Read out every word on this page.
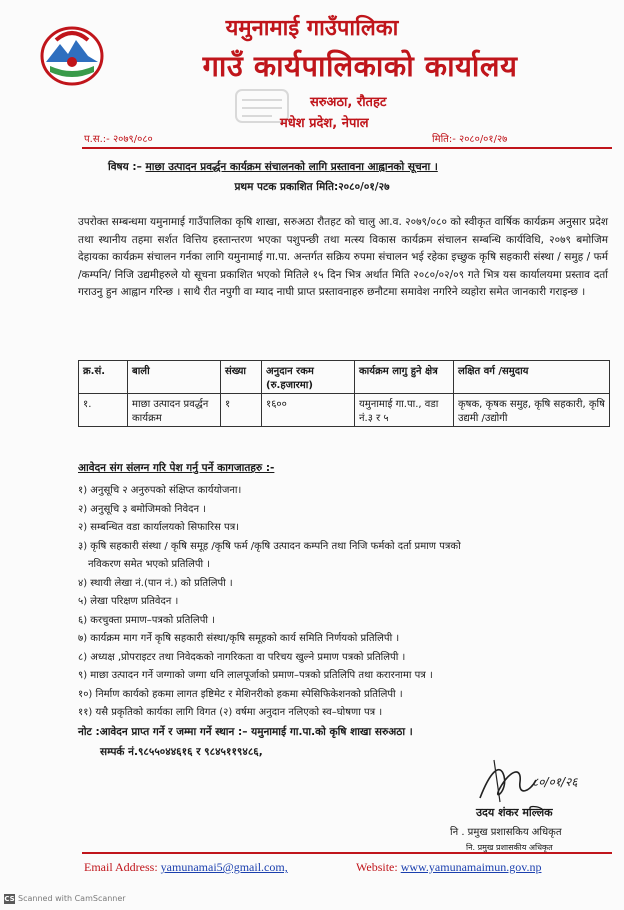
यमुनामाई गाउँपालिका
गाउँ कार्यपालिकाको कार्यालय
सरुअठा, रौतहट
मधेश प्रदेश, नेपाल
प.स.:- २०७९/०८०	मिति:- २०८०/०१/२७
विषय :– माछा उत्पादन प्रवर्द्धन कार्यक्रम संचालनको लागि प्रस्तावना आह्वानको सूचना ।
प्रथम पटक प्रकाशित मिति:२०८०/०१/२७
उपरोक्त सम्बन्धमा यमुनामाई गाउँपालिका कृषि शाखा, सरुअठा रौतहट को चालु आ.व. २०७९/०८० को स्वीकृत वार्षिक कार्यक्रम अनुसार प्रदेश तथा स्थानीय तहमा सर्शत वित्तिय हस्तान्तरण भएका पशुपन्छी तथा मत्स्य विकास कार्यक्रम संचालन सम्बन्धि कार्यविधि, २०७९ बमोजिम देहायका कार्यक्रम संचालन गर्नका लागि यमुनामाई गा.पा. अन्तर्गत सक्रिय रुपमा संचालन भई रहेका इच्छुक कृषि सहकारी संस्था / समुह / फर्म /कम्पनि/ निजि उद्यमीहरुले यो सूचना प्रकाशित भएको मितिले १५ दिन भित्र अर्थात मिति २०८०/०२/०९ गते भित्र यस कार्यालयमा प्रस्ताव दर्ता गराउनु हुन आह्वान गरिन्छ । साथै रीत नपुगी वा म्याद नाघी प्राप्त प्रस्तावनाहरु छनौटमा समावेश नगरिने व्यहोरा समेत जानकारी गराइन्छ ।
क्र.सं.	बाली	संख्या	अनुदान रकम (रु.हजारमा)	कार्यक्रम लागु हुने क्षेत्र	लक्षित वर्ग /समुदाय
१.	माछा उत्पादन प्रवर्द्धन कार्यक्रम	१	१६००	यमुनामाई गा.पा., वडा नं.३ र ५	कृषक, कृषक समुह, कृषि सहकारी, कृषि उद्यमी /उद्योगी
आवेदन संग संलग्न गरि पेश गर्नु पर्ने कागजातहरु :-
१) अनुसूचि २ अनुरुपको संक्षिप्त कार्ययोजना।
२) अनुसूचि ३ बमोजिमको निवेदन ।
२) सम्बन्धित वडा कार्यालयको सिफारिस पत्र।
३) कृषि सहकारी संस्था / कृषि समूह /कृषि फर्म /कृषि उत्पादन कम्पनि तथा निजि फर्मको दर्ता प्रमाण पत्रको
नविकरण समेत भएको प्रतिलिपी ।
४) स्थायी लेखा नं.(पान नं.) को प्रतिलिपी ।
५) लेखा परिक्षण प्रतिवेदन ।
६) करचुक्ता प्रमाण–पत्रको प्रतिलिपी ।
७) कार्यक्रम माग गर्ने कृषि सहकारी संस्था/कृषि समूहको कार्य समिति निर्णयको प्रतिलिपी ।
८) अध्यक्ष ,प्रोपराइटर तथा निवेदकको नागरिकता वा परिचय खुल्ने प्रमाण पत्रको प्रतिलिपी ।
९) माछा उत्पादन गर्ने जग्गाको जग्गा धनि लालपूर्जाको प्रमाण–पत्रको प्रतिलिपि तथा करारनामा पत्र ।
१०) निर्माण कार्यको हकमा लागत इष्टिमेट र मेशिनरीको हकमा स्पेसिफिकेशनको प्रतिलिपी ।
११) यसै प्रकृतिको कार्यका लागि विगत (२) वर्षमा अनुदान नलिएको स्व–घोषणा पत्र ।
नोट :आवेदन प्राप्त गर्ने र जम्मा गर्ने स्थान :– यमुनामाई गा.पा.को कृषि शाखा सरुअठा ।
सम्पर्क नं.९८५५०४४६१६ र ९८४५११९४८६,
८०/०१/२६
उदय शंकर मल्लिक
नि . प्रमुख प्रशासकिय अधिकृत
नि. प्रमुख प्रशासकीय अधिकृत
Email Address: yamunamai5@gmail.com,	Website: www.yamunamaimun.gov.np
CS Scanned with CamScanner
